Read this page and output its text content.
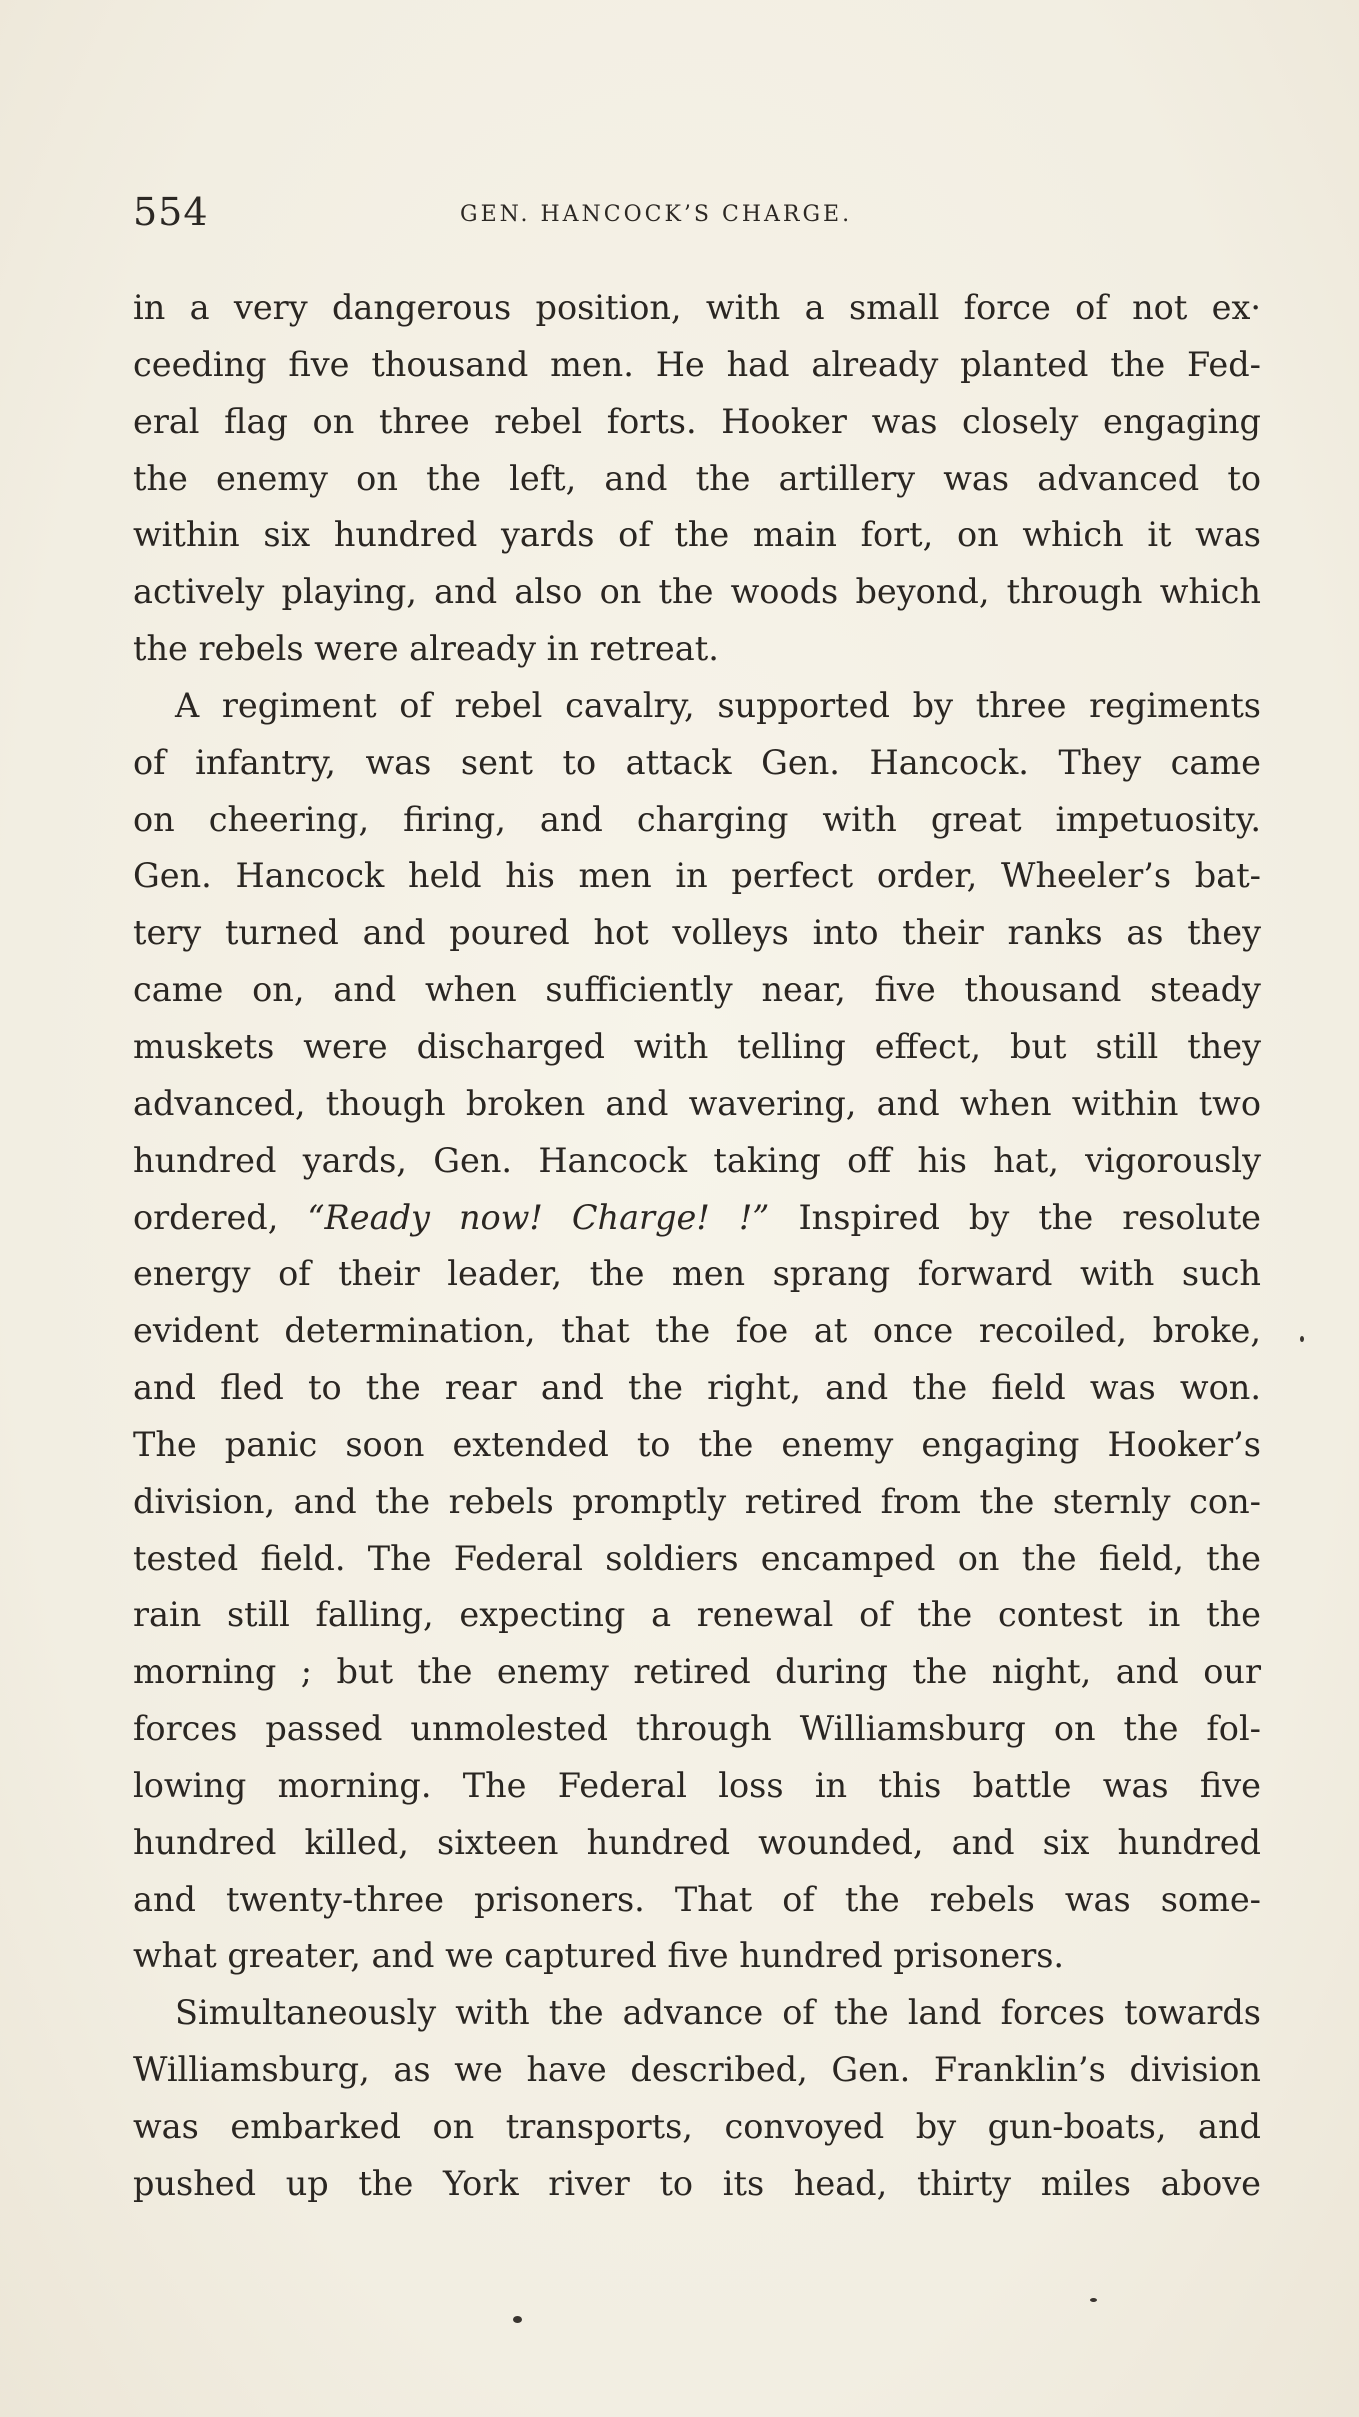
554	GEN. HANCOCK’S CHARGE.
in a very dangerous position, with a small force of not ex·
ceeding five thousand men. He had already planted the Fed-
eral flag on three rebel forts. Hooker was closely engaging
the enemy on the left, and the artillery was advanced to
within six hundred yards of the main fort, on which it was
actively playing, and also on the woods beyond, through which
the rebels were already in retreat.
A regiment of rebel cavalry, supported by three regiments
of infantry, was sent to attack Gen. Hancock. They came
on cheering, firing, and charging with great impetuosity.
Gen. Hancock held his men in perfect order, Wheeler’s bat-
tery turned and poured hot volleys into their ranks as they
came on, and when sufficiently near, five thousand steady
muskets were discharged with telling effect, but still they
advanced, though broken and wavering, and when within two
hundred yards, Gen. Hancock taking off his hat, vigorously
ordered, “Ready now! Charge! !” Inspired by the resolute
energy of their leader, the men sprang forward with such
evident determination, that the foe at once recoiled, broke,
and fled to the rear and the right, and the field was won.
The panic soon extended to the enemy engaging Hooker’s
division, and the rebels promptly retired from the sternly con-
tested field. The Federal soldiers encamped on the field, the
rain still falling, expecting a renewal of the contest in the
morning ; but the enemy retired during the night, and our
forces passed unmolested through Williamsburg on the fol-
lowing morning. The Federal loss in this battle was five
hundred killed, sixteen hundred wounded, and six hundred
and twenty-three prisoners. That of the rebels was some-
what greater, and we captured five hundred prisoners.
Simultaneously with the advance of the land forces towards
Williamsburg, as we have described, Gen. Franklin’s division
was embarked on transports, convoyed by gun-boats, and
pushed up the York river to its head, thirty miles above
